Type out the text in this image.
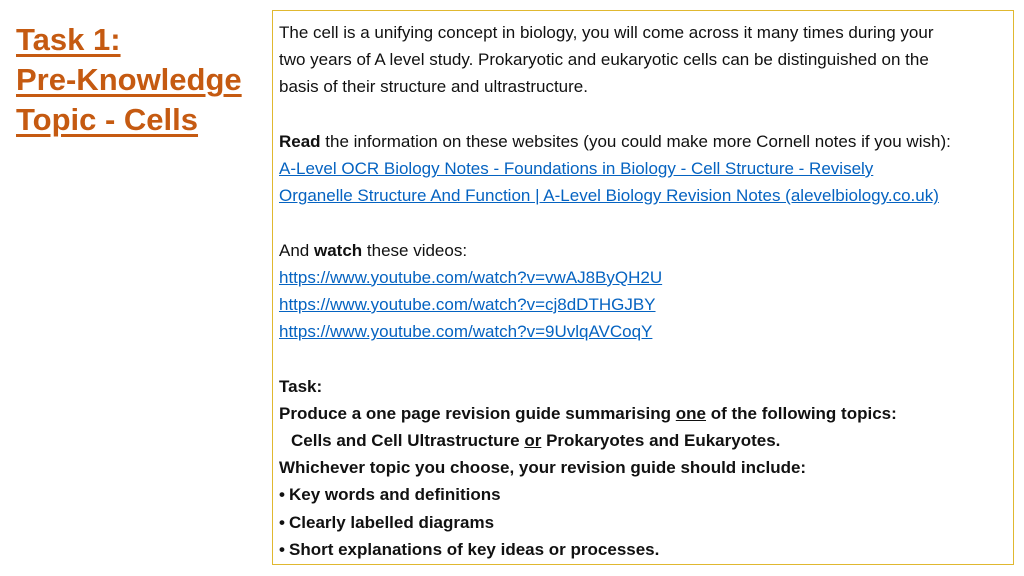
Task 1:
Pre-Knowledge
Topic - Cells
The cell is a unifying concept in biology, you will come across it many times during your
two years of A level study. Prokaryotic and eukaryotic cells can be distinguished on the
basis of their structure and ultrastructure.
Read the information on these websites (you could make more Cornell notes if you wish):
A-Level OCR Biology Notes - Foundations in Biology - Cell Structure - Revisely
Organelle Structure And Function | A-Level Biology Revision Notes (alevelbiology.co.uk)
And watch these videos:
https://www.youtube.com/watch?v=vwAJ8ByQH2U
https://www.youtube.com/watch?v=cj8dDTHGJBY
https://www.youtube.com/watch?v=9UvlqAVCoqY
Task:
Produce a one page revision guide summarising one of the following topics:
Cells and Cell Ultrastructure or Prokaryotes and Eukaryotes.
Whichever topic you choose, your revision guide should include:
• Key words and definitions
• Clearly labelled diagrams
• Short explanations of key ideas or processes.
